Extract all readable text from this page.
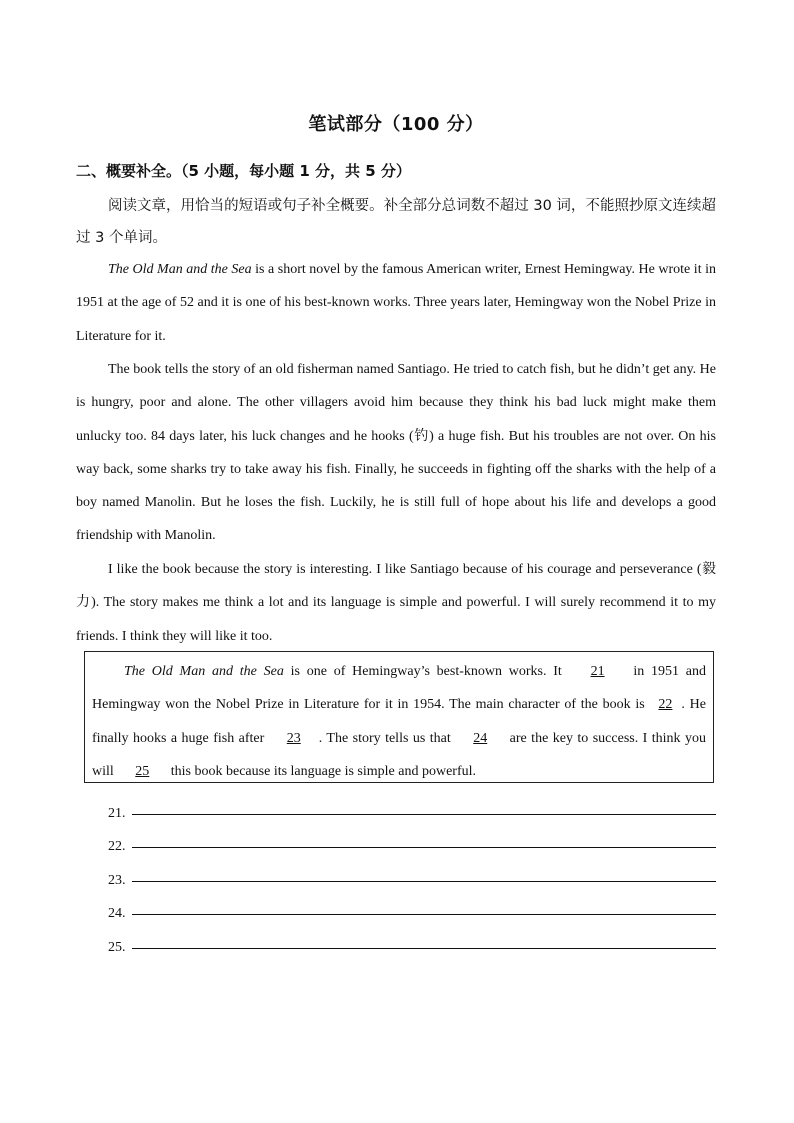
笔试部分（100 分）
二、概要补全。（5 小题，每小题 1 分，共 5 分）
阅读文章，用恰当的短语或句子补全概要。补全部分总词数不超过 30 词，不能照抄原文连续超过 3 个单词。
The Old Man and the Sea is a short novel by the famous American writer, Ernest Hemingway. He wrote it in 1951 at the age of 52 and it is one of his best-known works. Three years later, Hemingway won the Nobel Prize in Literature for it.
The book tells the story of an old fisherman named Santiago. He tried to catch fish, but he didn’t get any. He is hungry, poor and alone. The other villagers avoid him because they think his bad luck might make them unlucky too. 84 days later, his luck changes and he hooks (钓) a huge fish. But his troubles are not over. On his way back, some sharks try to take away his fish. Finally, he succeeds in fighting off the sharks with the help of a boy named Manolin. But he loses the fish. Luckily, he is still full of hope about his life and develops a good friendship with Manolin.
I like the book because the story is interesting. I like Santiago because of his courage and perseverance (毅力). The story makes me think a lot and its language is simple and powerful. I will surely recommend it to my friends. I think they will like it too.
The Old Man and the Sea is one of Hemingway’s best-known works. It 21 in 1951 and Hemingway won the Nobel Prize in Literature for it in 1954. The main character of the book is 22 . He finally hooks a huge fish after 23 . The story tells us that 24 are the key to success. I think you will 25 this book because its language is simple and powerful.
21.
22.
23.
24.
25.
